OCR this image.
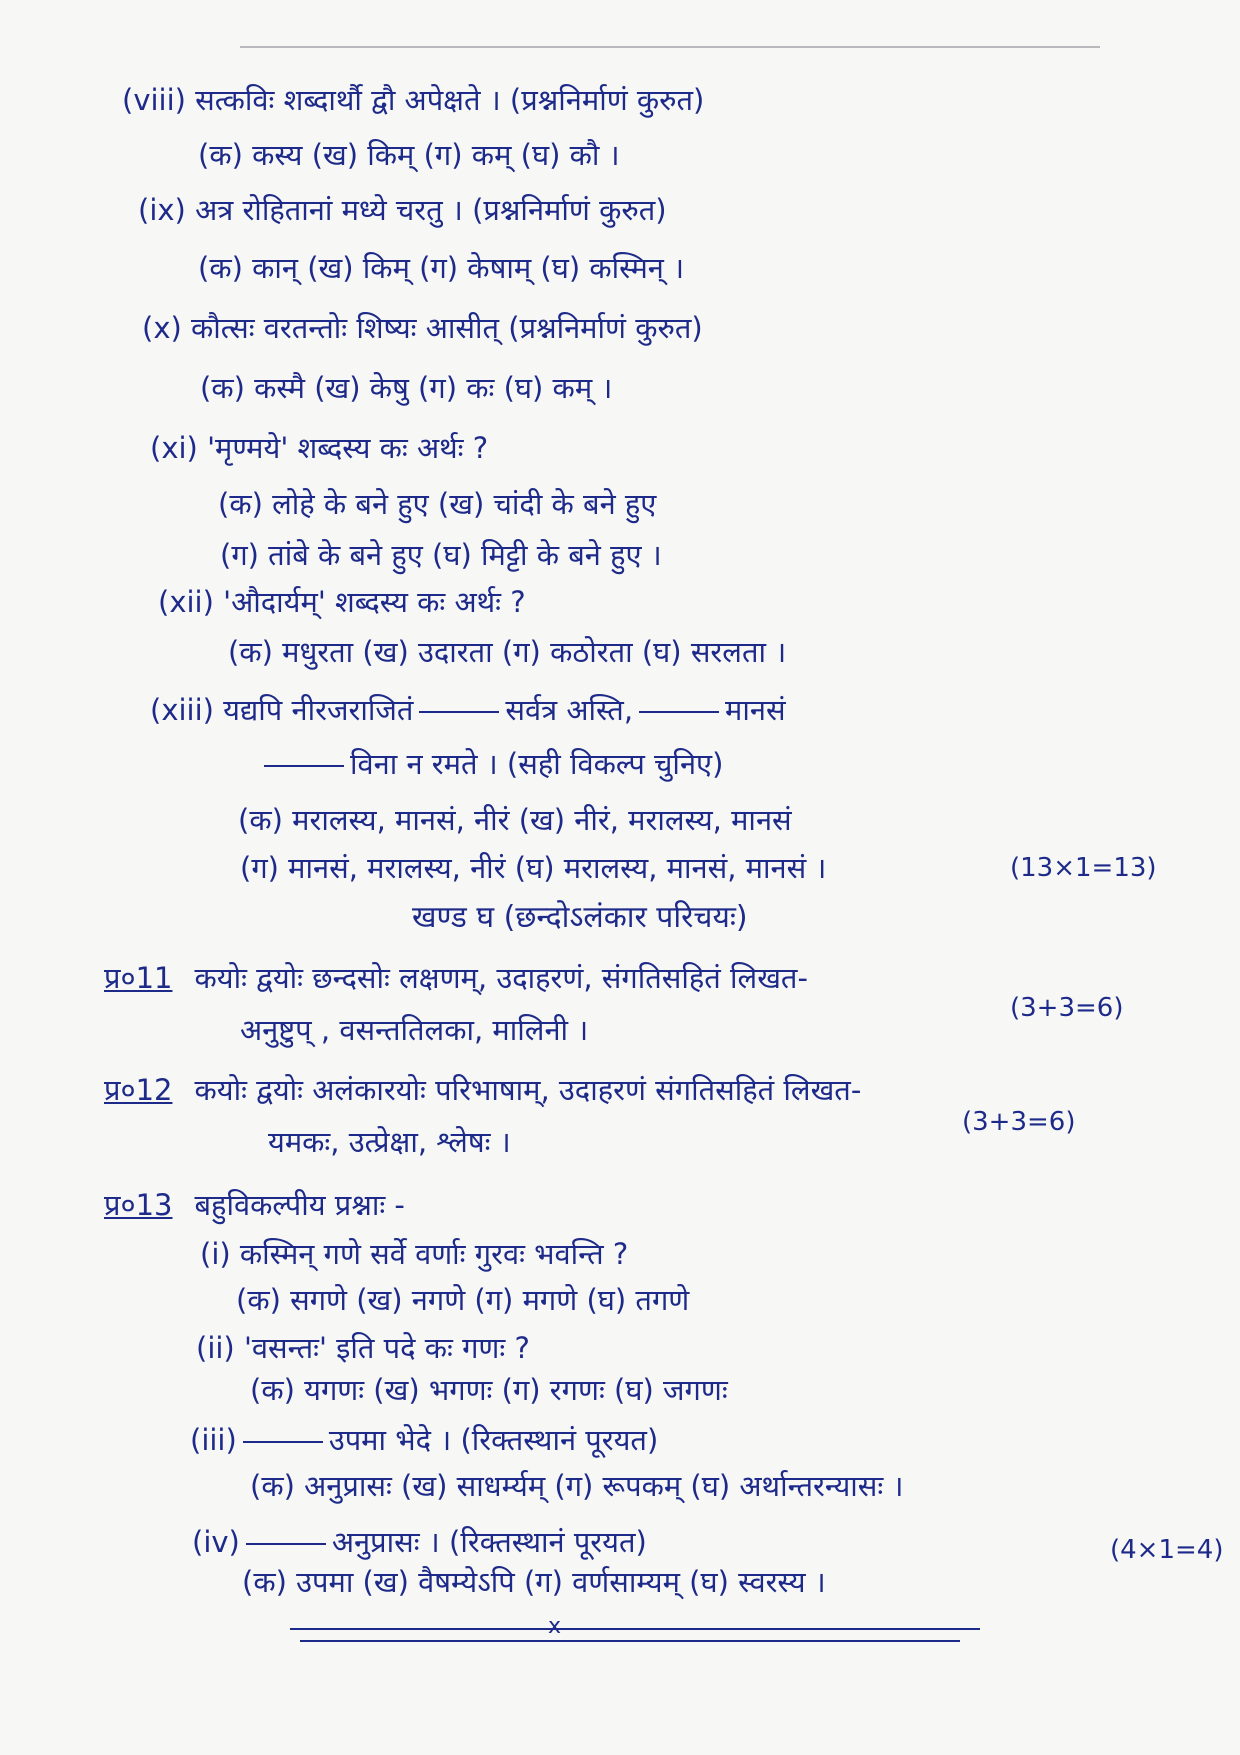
(viii) सत्कविः शब्दार्थौ द्वौ अपेक्षते । (प्रश्ननिर्माणं कुरुत)
(क) कस्य (ख) किम् (ग) कम् (घ) कौ ।
(ix) अत्र रोहितानां मध्ये चरतु । (प्रश्ननिर्माणं कुरुत)
(क) कान् (ख) किम् (ग) केषाम् (घ) कस्मिन् ।
(x) कौत्सः वरतन्तोः शिष्यः आसीत् (प्रश्ननिर्माणं कुरुत)
(क) कस्मै (ख) केषु (ग) कः (घ) कम् ।
(xi) 'मृण्मये' शब्दस्य कः अर्थः ?
(क) लोहे के बने हुए (ख) चांदी के बने हुए
(ग) तांबे के बने हुए (घ) मिट्टी के बने हुए ।
(xii) 'औदार्यम्' शब्दस्य कः अर्थः ?
(क) मधुरता (ख) उदारता (ग) कठोरता (घ) सरलता ।
(xiii) यद्यपि नीरजराजितं	सर्वत्र अस्ति,	मानसं
विना न रमते । (सही विकल्प चुनिए)
(क) मरालस्य, मानसं, नीरं (ख) नीरं, मरालस्य, मानसं
(ग) मानसं, मरालस्य, नीरं (घ) मरालस्य, मानसं, मानसं ।	(13×1=13)
खण्ड घ (छन्दोऽलंकार परिचयः)
प्र०11 कयोः द्वयोः छन्दसोः लक्षणम्, उदाहरणं, संगतिसहितं लिखत-
अनुष्टुप् , वसन्ततिलका, मालिनी ।
(3+3=6)
प्र०12 कयोः द्वयोः अलंकारयोः परिभाषाम्, उदाहरणं संगतिसहितं लिखत-
यमकः, उत्प्रेक्षा, श्लेषः ।
(3+3=6)
प्र०13 बहुविकल्पीय प्रश्नाः -
(i) कस्मिन् गणे सर्वे वर्णाः गुरवः भवन्ति ?
(क) सगणे (ख) नगणे (ग) मगणे (घ) तगणे
(ii) 'वसन्तः' इति पदे कः गणः ?
(क) यगणः (ख) भगणः (ग) रगणः (घ) जगणः
(iii)	उपमा भेदे । (रिक्तस्थानं पूरयत)
(क) अनुप्रासः (ख) साधर्म्यम् (ग) रूपकम् (घ) अर्थान्तरन्यासः ।
(iv)	अनुप्रासः । (रिक्तस्थानं पूरयत)
(क) उपमा (ख) वैषम्येऽपि (ग) वर्णसाम्यम् (घ) स्वरस्य ।
(4×1=4)
x
